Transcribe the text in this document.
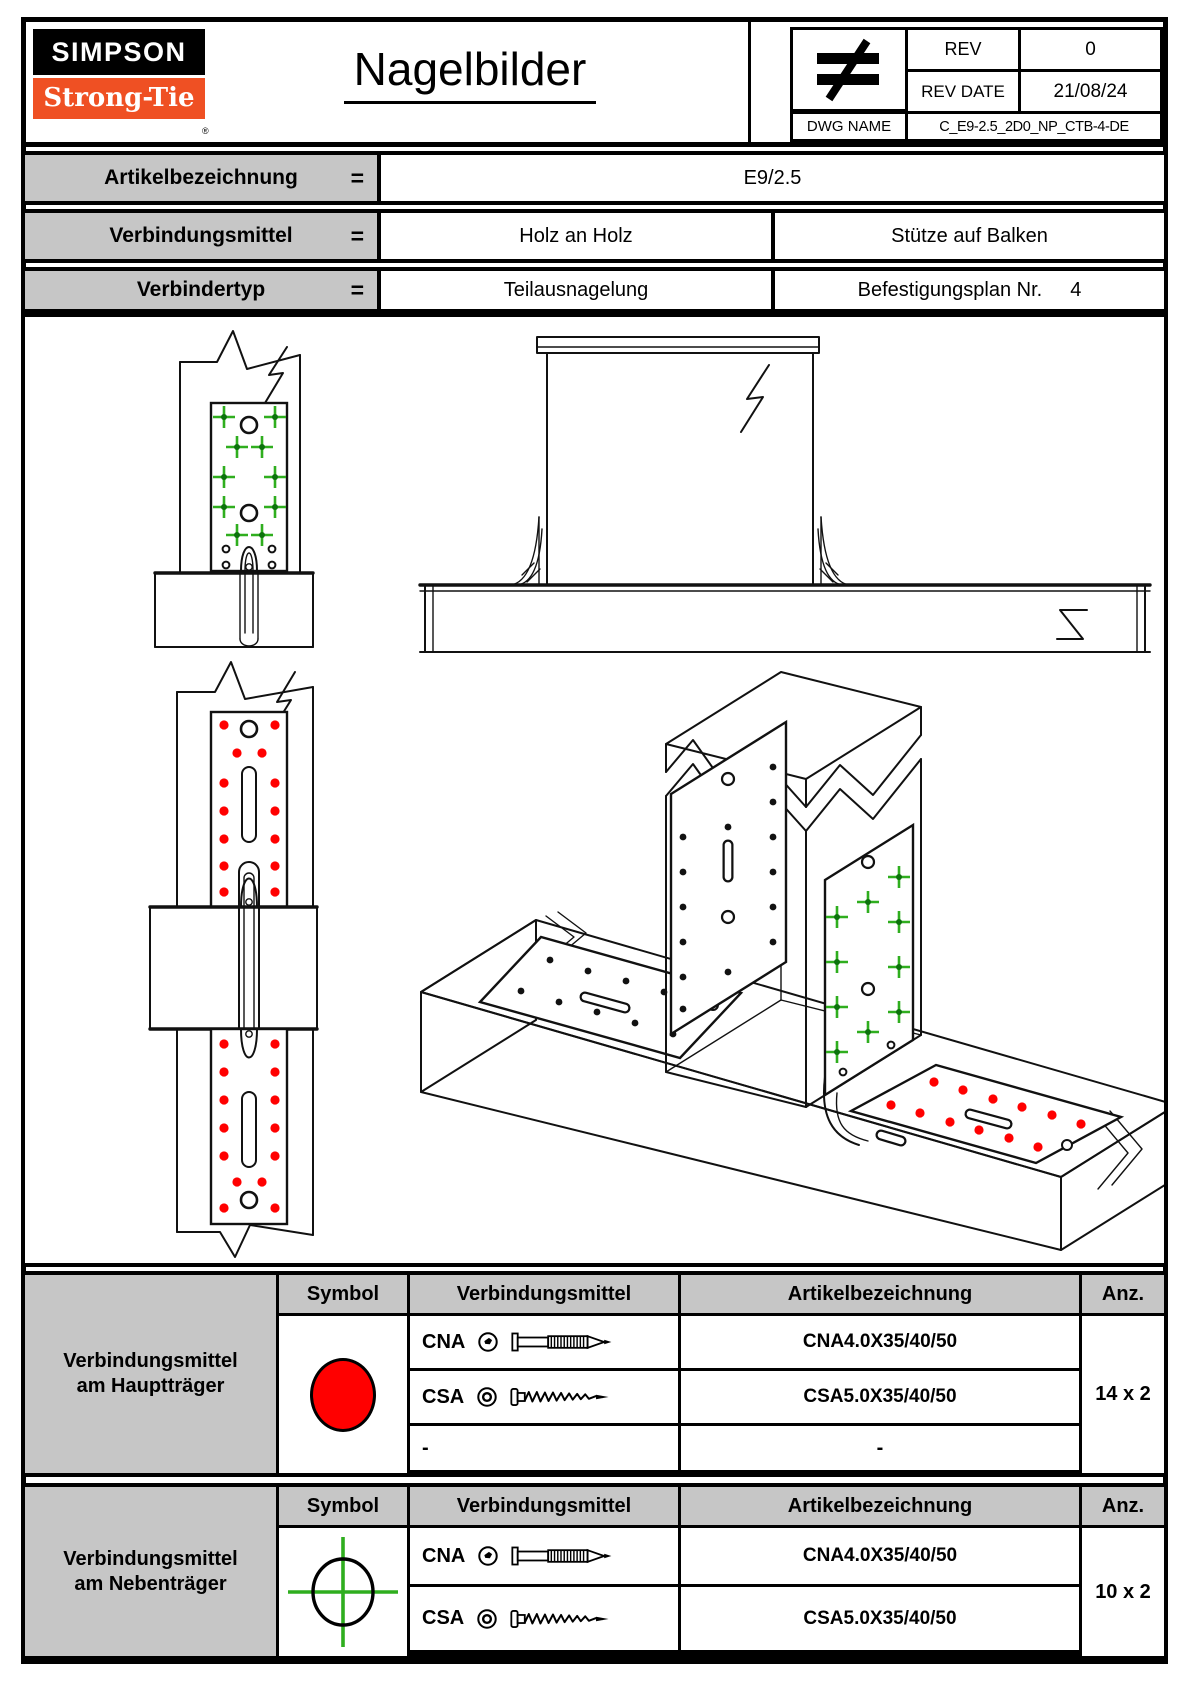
SIMPSON
Strong-Tie
®
Nagelbilder	REV	0
REV DATE	21/08/24
DWG NAME	C_E9-2.5_2D0_NP_CTB-4-DE
Artikelbezeichnung =	E9/2.5
Verbindungsmittel	=	Holz an Holz	Stütze auf Balken
Verbindertyp	=	Teilausnagelung	Befestigungsplan Nr. 4
Verbindungsmittel
am Hauptträger
Symbol	Verbindungsmittel	Artikelbezeichnung	Anz.
CNA	CNA4.0X35/40/50
CSA	CSA5.0X35/40/50
-	-
14 x 2
Verbindungsmittel
am Nebenträger
Symbol	Verbindungsmittel	Artikelbezeichnung	Anz.
CNA	CNA4.0X35/40/50
CSA	CSA5.0X35/40/50
10 x 2
